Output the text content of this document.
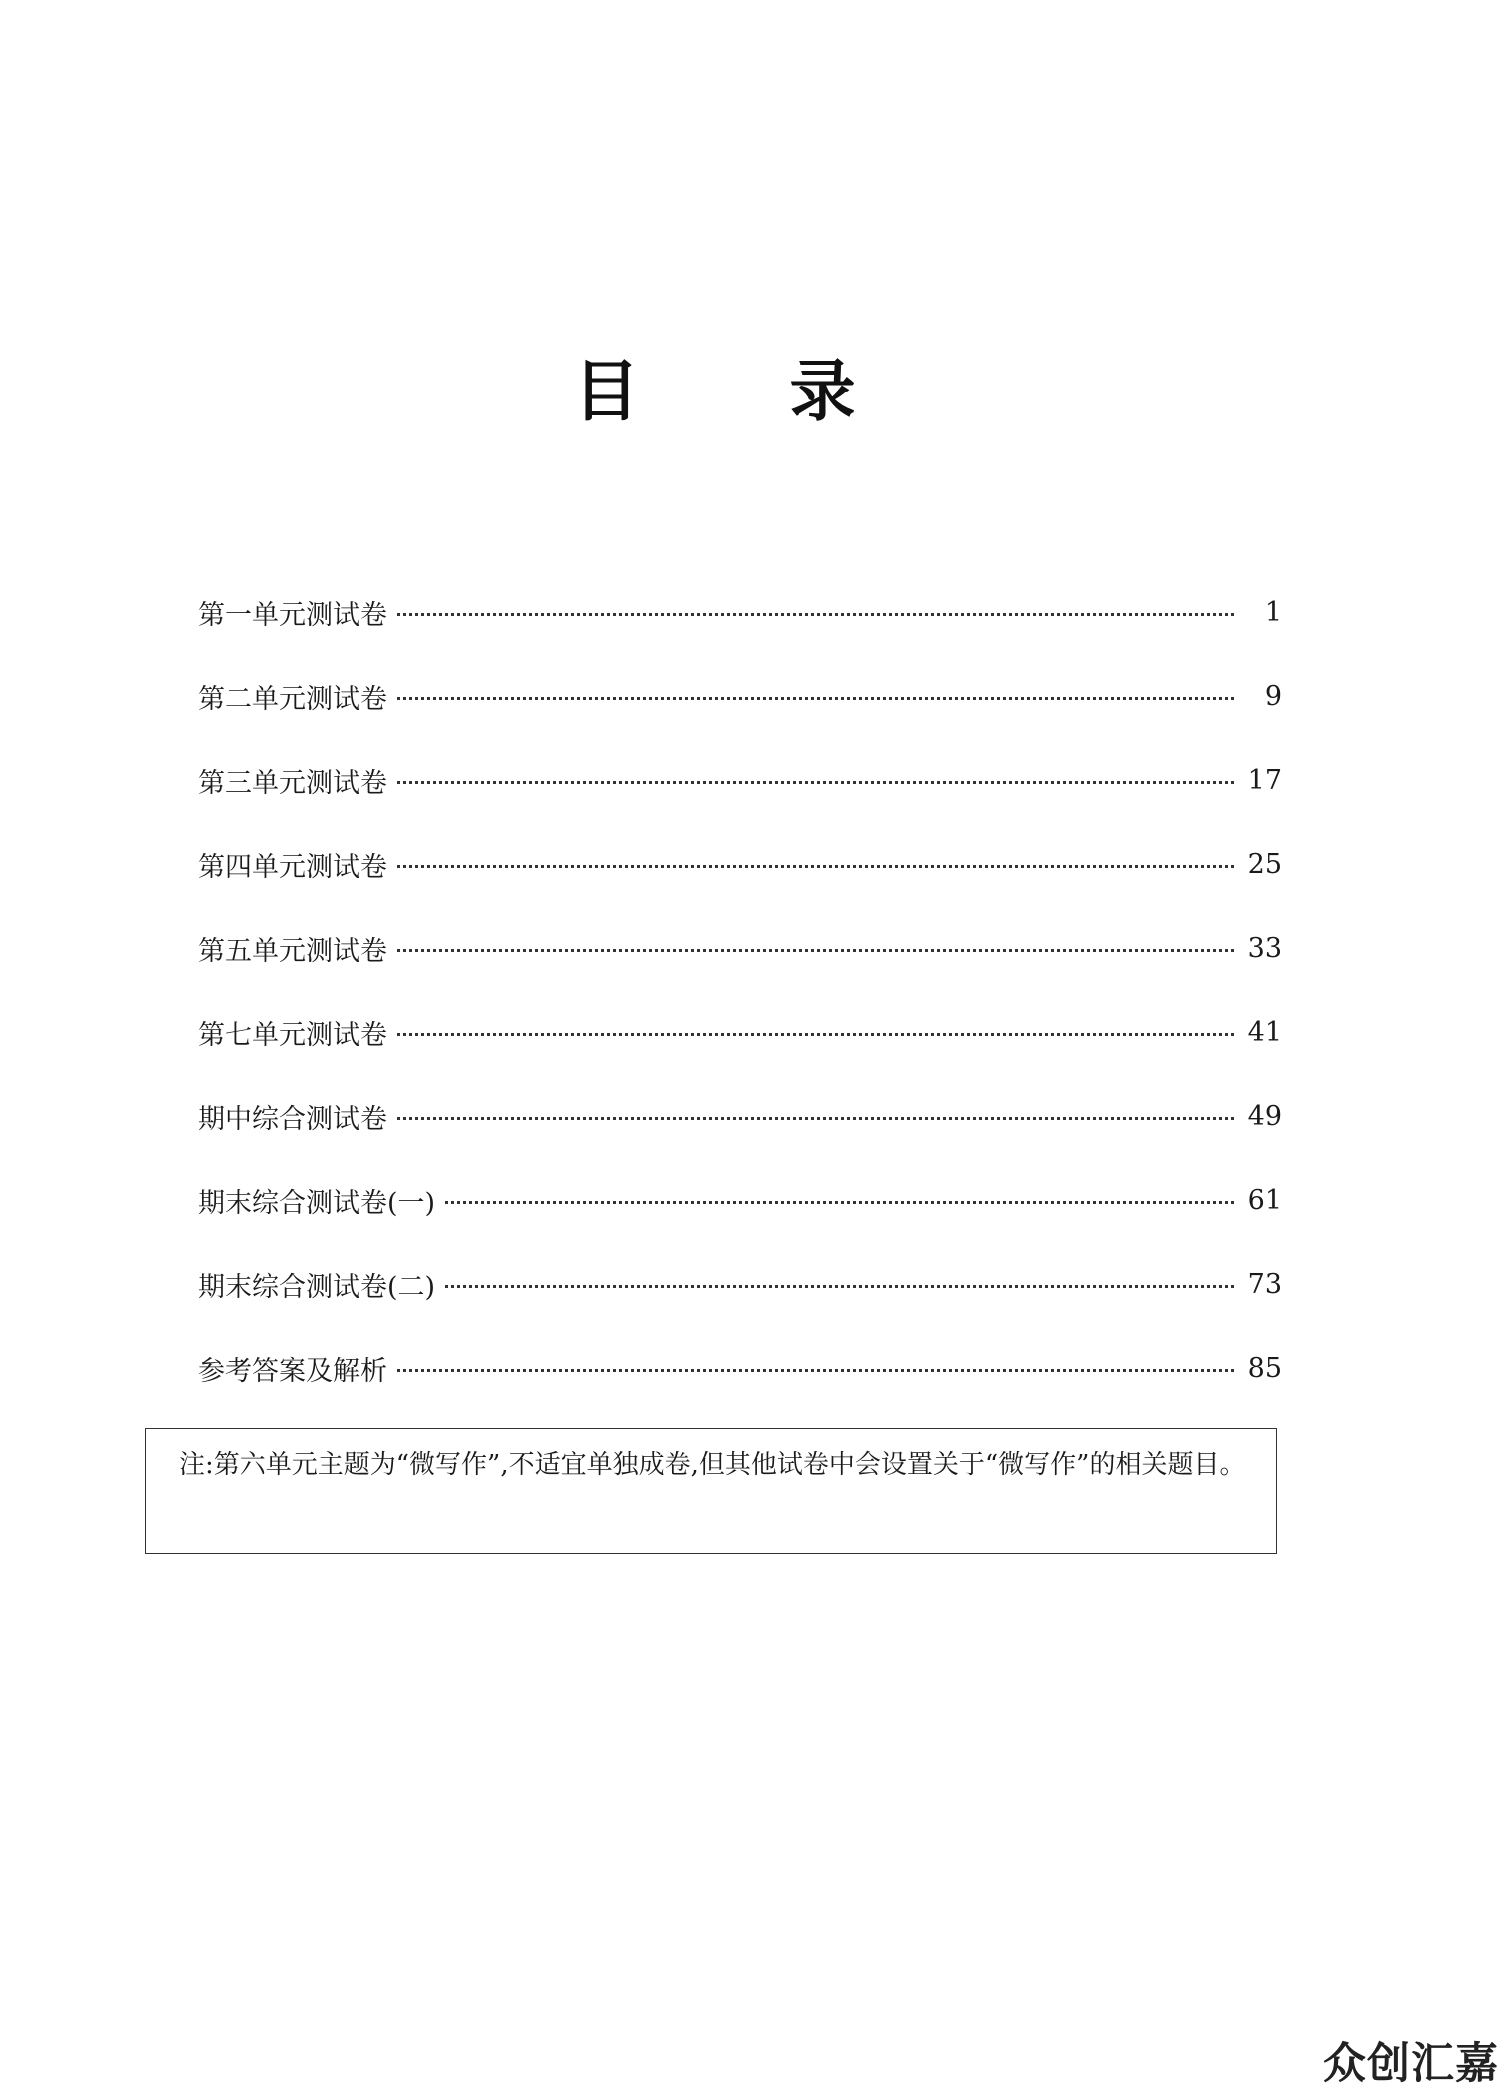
目 录
第一单元测试卷	1
第二单元测试卷	9
第三单元测试卷	17
第四单元测试卷	25
第五单元测试卷	33
第七单元测试卷	41
期中综合测试卷	49
期末综合测试卷(一)	61
期末综合测试卷(二)	73
参考答案及解析	85
注:第六单元主题为“微写作”,不适宜单独成卷,但其他试卷中会设置关于“微写作”的相关题目。
众创汇嘉
